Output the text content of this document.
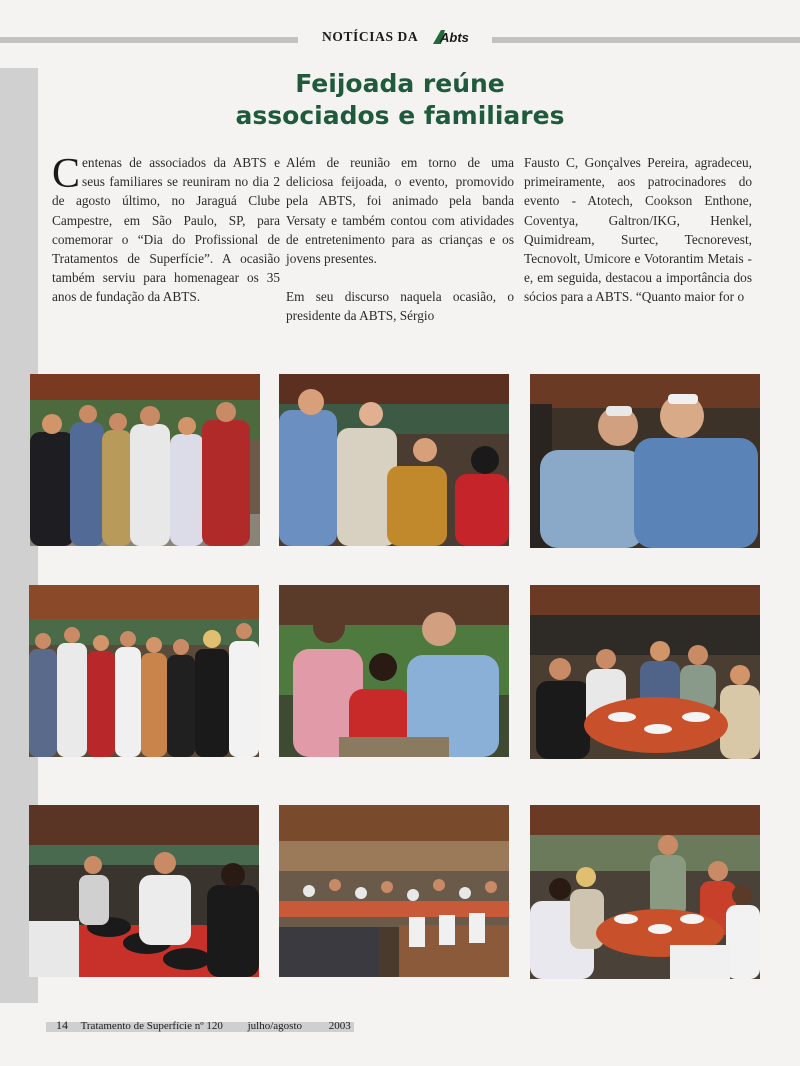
NOTÍCIAS DA Abts
Feijoada reúne
associados e familiares

Centenas de associados da ABTS e seus familiares se reuniram no dia 2 de agosto último, no Jaraguá Clube Campestre, em São Paulo, SP, para comemorar o “Dia do Profissional de Tratamentos de Superfície”. A ocasião também serviu para homenagear os 35 anos de fundação da ABTS.

Além de reunião em torno de uma deliciosa feijoada, o evento, promovido pela ABTS, foi animado pela banda Versaty e também contou com atividades de entretenimento para as crianças e os jovens presentes.

Em seu discurso naquela ocasião, o presidente da ABTS, Sérgio

Fausto C, Gonçalves Pereira, agradeceu, primeiramente, aos patrocinadores do evento - Atotech, Cookson Enthone, Coventya, Galtron/IKG, Henkel, Quimidream, Surtec, Tecnorevest, Tecnovolt, Umicore e Votorantim Metais - e, em seguida, destacou a importância dos sócios para a ABTS. “Quanto maior for o

14 Tratamento de Superfície nº 120 julho/agosto 2003
